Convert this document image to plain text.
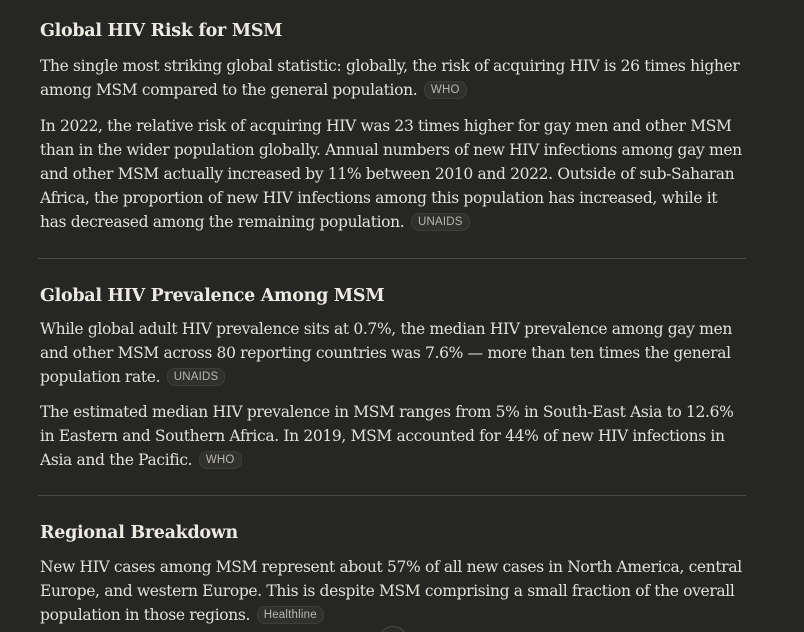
Global HIV Risk for MSM

The single most striking global statistic: globally, the risk of acquiring HIV is 26 times higher among MSM compared to the general population. WHO

In 2022, the relative risk of acquiring HIV was 23 times higher for gay men and other MSM than in the wider population globally. Annual numbers of new HIV infections among gay men and other MSM actually increased by 11% between 2010 and 2022. Outside of sub-Saharan Africa, the proportion of new HIV infections among this population has increased, while it has decreased among the remaining population. UNAIDS

Global HIV Prevalence Among MSM

While global adult HIV prevalence sits at 0.7%, the median HIV prevalence among gay men and other MSM across 80 reporting countries was 7.6% — more than ten times the general population rate. UNAIDS

The estimated median HIV prevalence in MSM ranges from 5% in South-East Asia to 12.6% in Eastern and Southern Africa. In 2019, MSM accounted for 44% of new HIV infections in Asia and the Pacific. WHO

Regional Breakdown

New HIV cases among MSM represent about 57% of all new cases in North America, central Europe, and western Europe. This is despite MSM comprising a small fraction of the overall population in those regions. Healthline
